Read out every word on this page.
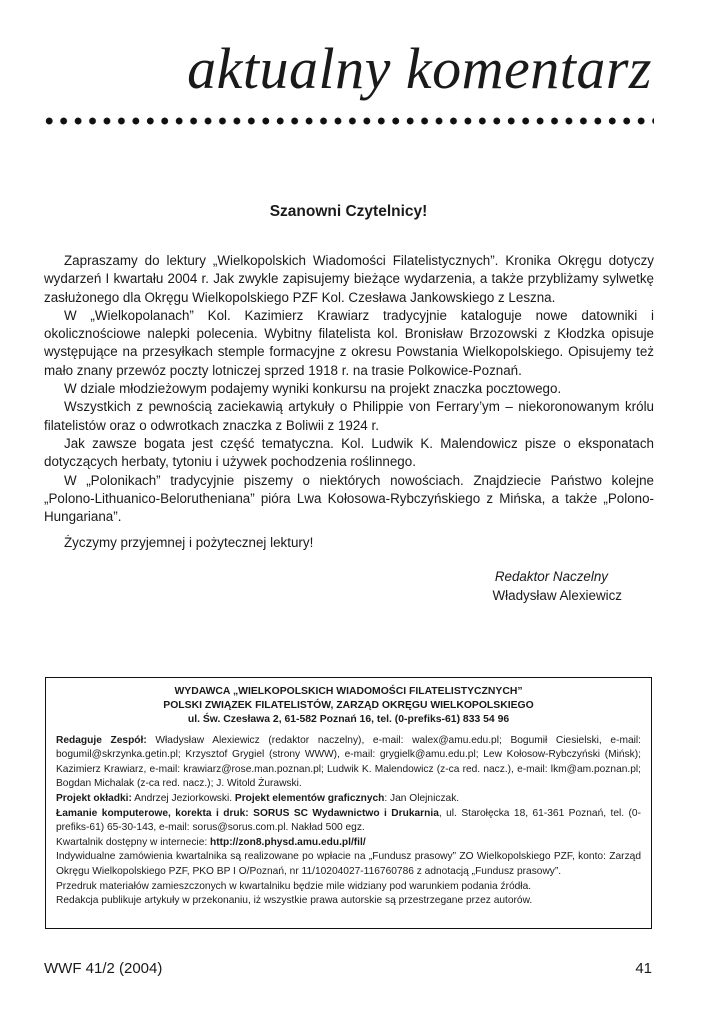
aktualny komentarz
Szanowni Czytelnicy!

Zapraszamy do lektury „Wielkopolskich Wiadomości Filatelistycznych”. Kronika Okręgu dotyczy wydarzeń I kwartału 2004 r. Jak zwykle zapisujemy bieżące wydarzenia, a także przybliżamy sylwetkę zasłużonego dla Okręgu Wielkopolskiego PZF Kol. Czesława Jankowskiego z Leszna.

W „Wielkopolanach” Kol. Kazimierz Krawiarz tradycyjnie kataloguje nowe datowniki i okolicznościowe nalepki polecenia. Wybitny filatelista kol. Bronisław Brzozowski z Kłodzka opisuje występujące na przesyłkach stemple formacyjne z okresu Powstania Wielkopolskiego. Opisujemy też mało znany przewóz poczty lotniczej sprzed 1918 r. na trasie Polkowice-Poznań.

W dziale młodzieżowym podajemy wyniki konkursu na projekt znaczka pocztowego.

Wszystkich z pewnością zaciekawią artykuły o Philippie von Ferrary’ym – niekoronowanym królu filatelistów oraz o odwrotkach znaczka z Boliwii z 1924 r.

Jak zawsze bogata jest część tematyczna. Kol. Ludwik K. Malendowicz pisze o eksponatach dotyczących herbaty, tytoniu i używek pochodzenia roślinnego.

W „Polonikach” tradycyjnie piszemy o niektórych nowościach. Znajdziecie Państwo kolejne „Polono-Lithuanico-Belorutheniana” pióra Lwa Kołosowa-Rybczyńskiego z Mińska, a także „Polono-Hungariana”.

Życzymy przyjemnej i pożytecznej lektury!

Redaktor Naczelny
Władysław Alexiewicz
WYDAWCA „WIELKOPOLSKICH WIADOMOŚCI FILATELISTYCZNYCH”
POLSKI ZWIĄZEK FILATELISTÓW, ZARZĄD OKRĘGU WIELKOPOLSKIEGO
ul. Św. Czesława 2, 61-582 Poznań 16, tel. (0-prefiks-61) 833 54 96

Redaguje Zespół: Władysław Alexiewicz (redaktor naczelny), e-mail: walex@amu.edu.pl; Bogumił Ciesielski, e-mail: bogumil@skrzynka.getin.pl; Krzysztof Grygiel (strony WWW), e-mail: grygielk@amu.edu.pl; Lew Kołosow-Rybczyński (Mińsk); Kazimierz Krawiarz, e-mail: krawiarz@rose.man.poznan.pl; Ludwik K. Malendowicz (z-ca red. nacz.), e-mail: lkm@am.poznan.pl; Bogdan Michalak (z-ca red. nacz.); J. Witold Żurawski.

Projekt okładki: Andrzej Jeziorkowski. Projekt elementów graficznych: Jan Olejniczak.

Łamanie komputerowe, korekta i druk: SORUS SC Wydawnictwo i Drukarnia, ul. Starołęcka 18, 61-361 Poznań, tel. (0-prefiks-61) 65-30-143, e-mail: sorus@sorus.com.pl. Nakład 500 egz.

Kwartalnik dostępny w internecie: http://zon8.physd.amu.edu.pl/fil/

Indywidualne zamówienia kwartalnika są realizowane po wpłacie na „Fundusz prasowy” ZO Wielkopolskiego PZF, konto: Zarząd Okręgu Wielkopolskiego PZF, PKO BP I O/Poznań, nr 11/10204027-116760786 z adnotacją „Fundusz prasowy”.

Przedruk materiałów zamieszczonych w kwartalniku będzie mile widziany pod warunkiem podania źródła.

Redakcja publikuje artykuły w przekonaniu, iż wszystkie prawa autorskie są przestrzegane przez autorów.

WWF 41/2 (2004)	41
